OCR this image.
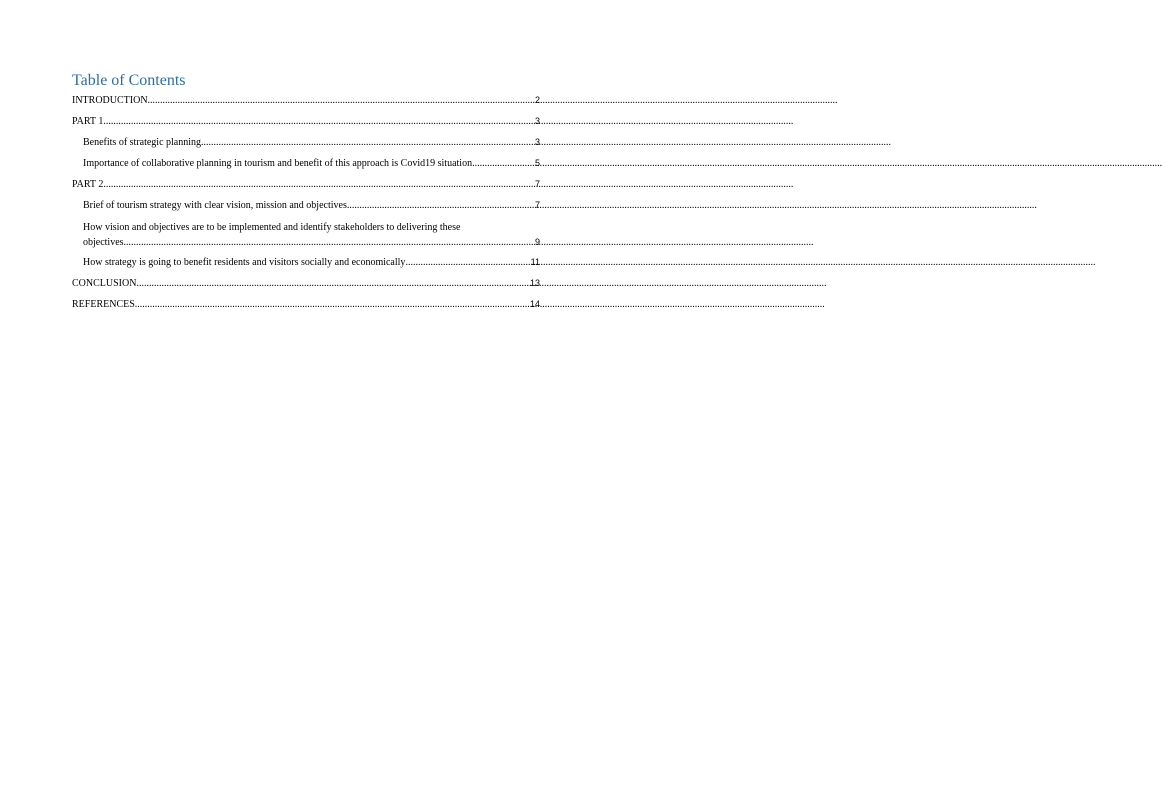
Table of Contents
INTRODUCTION .....	2
PART 1 .....	3
Benefits of strategic planning .....	3
Importance of collaborative planning in tourism and benefit of this approach is Covid19 situation .....	5
PART 2 .....	7
Brief of tourism strategy with clear vision, mission and objectives .....	7
How vision and objectives are to be implemented and identify stakeholders to delivering these
objectives .....	9
How strategy is going to benefit residents and visitors socially and economically .....	11
CONCLUSION .....	13
REFERENCES .....	14
